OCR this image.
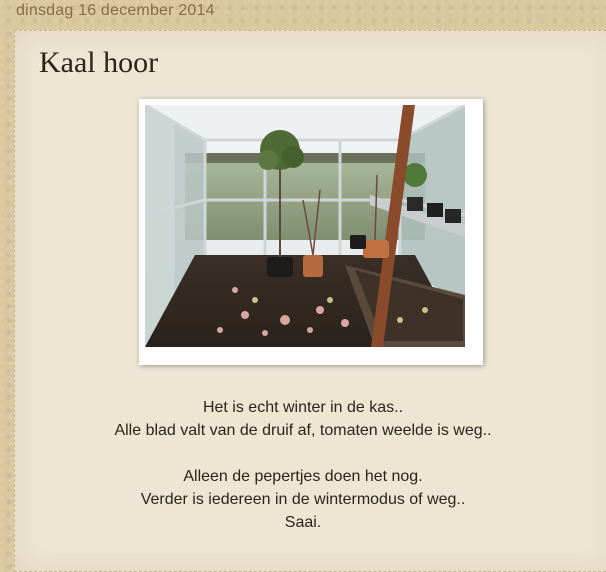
dinsdag 16 december 2014
Kaal hoor

Het is echt winter in de kas..

Alle blad valt van de druif af, tomaten weelde is weg..

Alleen de pepertjes doen het nog.

Verder is iedereen in de wintermodus of weg..

Saai.
